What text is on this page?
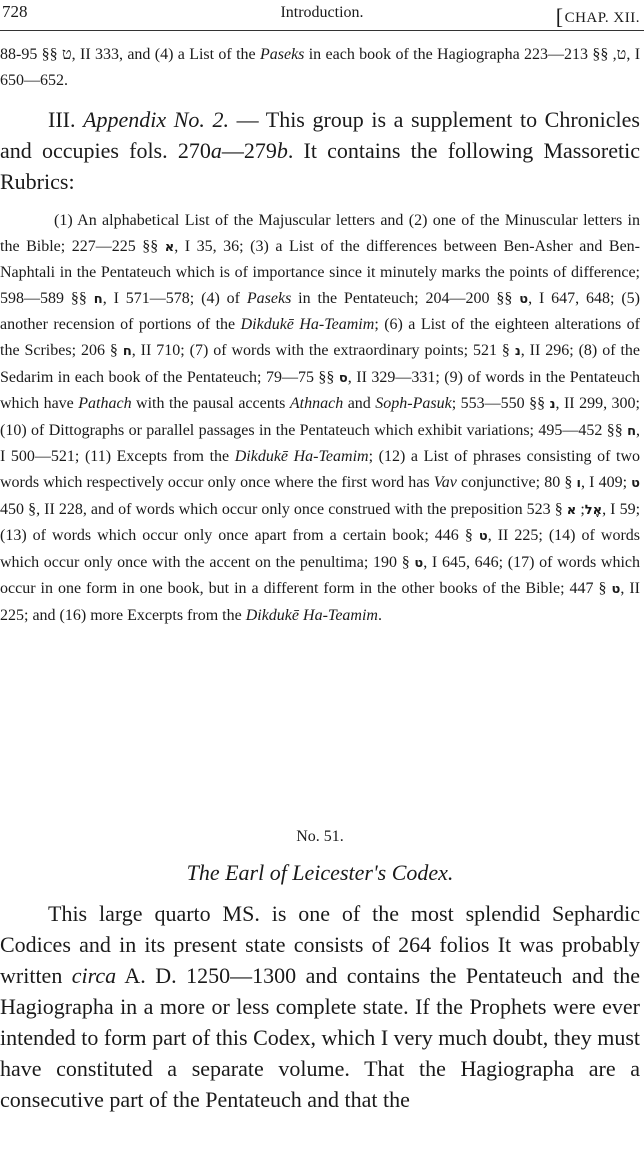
728	Introduction.	[CHAP. XII.

ט §§ 88-95, II 333, and (4) a List of the Paseks in each book of the Hagiographa ט, §§ 213—223, I 650—652.

III. Appendix No. 2. — This group is a supplement to Chronicles and occupies fols. 270a—279b. It contains the following Massoretic Rubrics:

(1) An alphabetical List of the Majuscular letters and (2) one of the Minuscular letters in the Bible;	א §§ 225—227, I 35, 36; (3) a List of the differences between Ben-Asher and Ben-Naphtali in the Pentateuch which is of importance since it minutely marks the points of difference; ח §§ 589—598, I 571—578; (4) of Paseks in the Pentateuch;	ט §§ 200—204, I 647, 648; (5) another recension of portions of the Dikdukē Ha-Teamim; (6) a List of the eighteen alterations of the Scribes;	ח § 206, II 710; (7) of words with the extraordinary points;	נ § 521, II 296; (8) of the Sedarim in each book of the Pentateuch;	ס §§ 75—79, II 329—331; (9) of words in the Pentateuch which have Pathach with the pausal accents Athnach and Soph-Pasuk;	נ §§ 550—553, II 299, 300; (10) of Dittographs or parallel passages in the Pentateuch which exhibit variations;	ח §§ 452—495, I 500—521; (11) Excepts from the Dikdukē Ha-Teamim; (12) a List of phrases consisting of two words which respectively occur only once where the first word has Vav conjunctive; ו § 80, I 409; ט § 450, II 228, and of words which occur only once construed with the preposition	אֶל; א § 523, I 59; (13) of words which occur only once apart from a certain book;	ט § 446, II 225; (14) of words which occur only once with the accent on the penultima;	ט § 190, I 645, 646; (17) of words which occur in one form in one book, but in a different form in the other books of the Bible;	ט § 447, II 225; and (16) more Excerpts from the Dikdukē Ha-Teamim.

No. 51.
The Earl of Leicester's Codex.

This large quarto MS. is one of the most splendid Sephardic Codices and in its present state consists of 264 folios It was probably written circa A. D. 1250—1300 and contains the Pentateuch and the Hagiographa in a more or less complete state. If the Prophets were ever intended to form part of this Codex, which I very much doubt, they must have constituted a separate volume. That the Hagiographa are a consecutive part of the Pentateuch and that the
